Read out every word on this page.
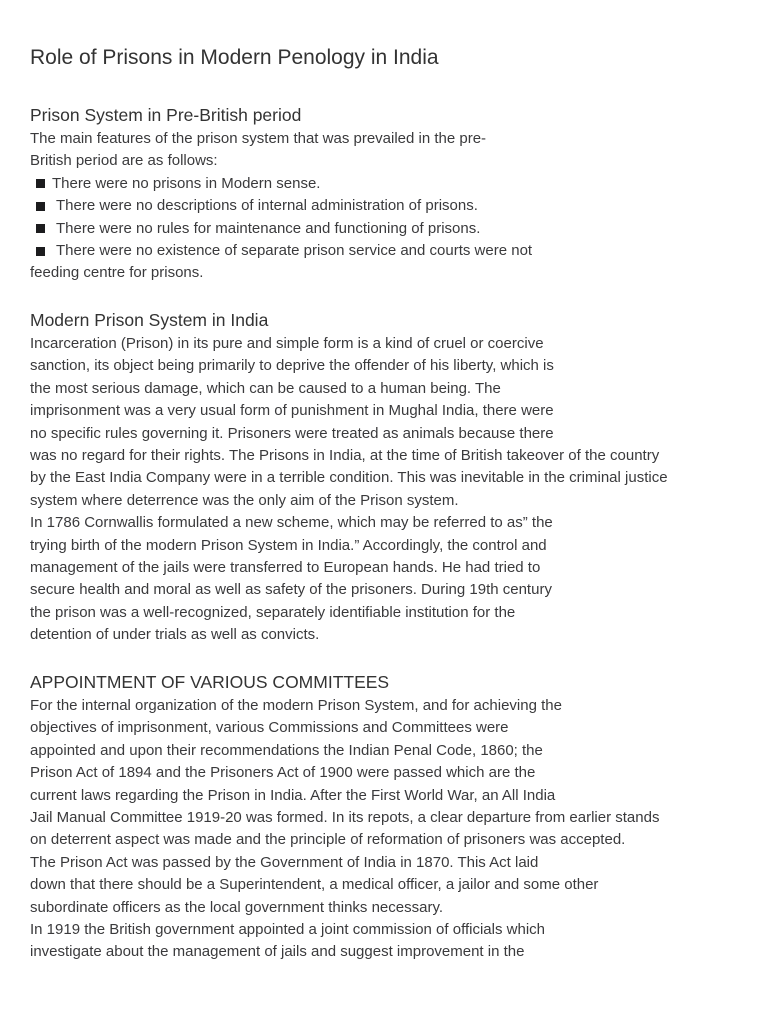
Role of Prisons in Modern Penology in India
Prison System in Pre-British period
The main features of the prison system that was prevailed in the pre-
British period are as follows:
There were no prisons in Modern sense.
There were no descriptions of internal administration of prisons.
There were no rules for maintenance and functioning of prisons.
There were no existence of separate prison service and courts were not
feeding centre for prisons.
Modern Prison System in India
Incarceration (Prison) in its pure and simple form is a kind of cruel or coercive
sanction, its object being primarily to deprive the offender of his liberty, which is
the most serious damage, which can be caused to a human being. The
imprisonment was a very usual form of punishment in Mughal India, there were
no specific rules governing it. Prisoners were treated as animals because there
was no regard for their rights. The Prisons in India, at the time of British takeover of the country
by the East India Company were in a terrible condition. This was inevitable in the criminal justice
system where deterrence was the only aim of the Prison system.
In 1786 Cornwallis formulated a new scheme, which may be referred to as” the
trying birth of the modern Prison System in India.” Accordingly, the control and
management of the jails were transferred to European hands. He had tried to
secure health and moral as well as safety of the prisoners. During 19th century
the prison was a well-recognized, separately identifiable institution for the
detention of under trials as well as convicts.
APPOINTMENT OF VARIOUS COMMITTEES
For the internal organization of the modern Prison System, and for achieving the
objectives of imprisonment, various Commissions and Committees were
appointed and upon their recommendations the Indian Penal Code, 1860; the
Prison Act of 1894 and the Prisoners Act of 1900 were passed which are the
current laws regarding the Prison in India. After the First World War, an All India
Jail Manual Committee 1919-20 was formed. In its repots, a clear departure from earlier stands
on deterrent aspect was made and the principle of reformation of prisoners was accepted.
The Prison Act was passed by the Government of India in 1870. This Act laid
down that there should be a Superintendent, a medical officer, a jailor and some other
subordinate officers as the local government thinks necessary.
In 1919 the British government appointed a joint commission of officials which
investigate about the management of jails and suggest improvement in the
